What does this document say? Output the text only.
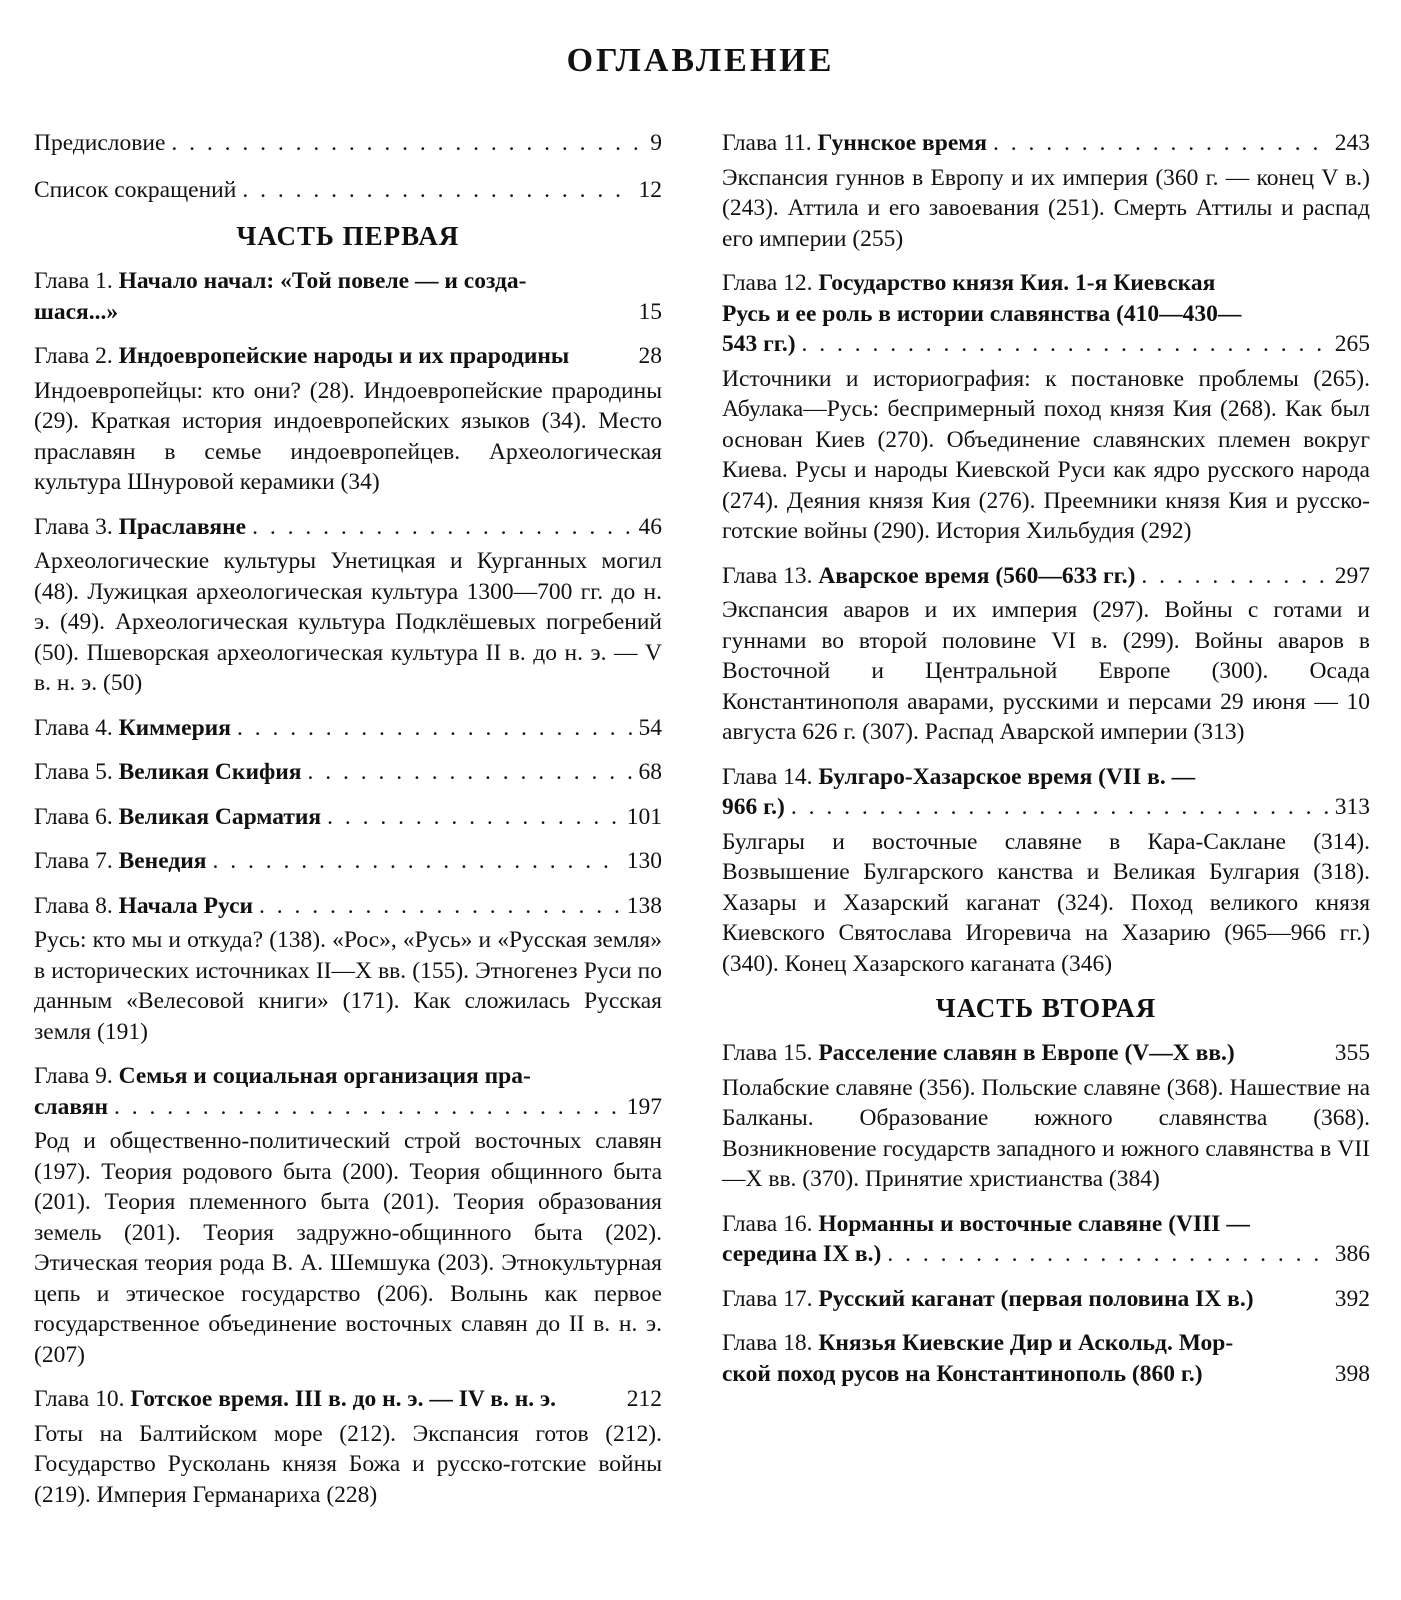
ОГЛАВЛЕНИЕ
Предисловие . . .	9
Список сокращений . . .	12
ЧАСТЬ ПЕРВАЯ
Глава 1. Начало начал: «Той повеле — и созда-
шася...»	15
Глава 2. Индоевропейские народы и их прародины	28
Индоевропейцы: кто они? (28). Индоевропейские прародины (29). Краткая история индоевропейских языков (34). Место праславян в семье индоевропейцев. Археологическая культура Шнуровой керамики (34)
Глава 3. Праславяне . . .	46
Археологические культуры Унетицкая и Курганных могил (48). Лужицкая археологическая культура 1300—700 гг. до н. э. (49). Археологическая культура Подклёшевых погребений (50). Пшеворская археологическая культура II в. до н. э. — V в. н. э. (50)
Глава 4. Киммерия . . .	54
Глава 5. Великая Скифия . . .	68
Глава 6. Великая Сарматия . . .	101
Глава 7. Венедия . . .	130
Глава 8. Начала Руси . . .	138
Русь: кто мы и откуда? (138). «Рос», «Русь» и «Русская земля» в исторических источниках II—X вв. (155). Этногенез Руси по данным «Велесовой книги» (171). Как сложилась Русская земля (191)
Глава 9. Семья и социальная организация пра-
славян . . .	197
Род и общественно-политический строй восточных славян (197). Теория родового быта (200). Теория общинного быта (201). Теория племенного быта (201). Теория образования земель (201). Теория задружно-общинного быта (202). Этическая теория рода В. А. Шемшука (203). Этнокультурная цепь и этическое государство (206). Волынь как первое государственное объединение восточных славян до II в. н. э. (207)
Глава 10. Готское время. III в. до н. э. — IV в. н. э.	212
Готы на Балтийском море (212). Экспансия готов (212). Государство Русколань князя Божа и русско-готские войны (219). Империя Германариха (228)
Глава 11. Гуннское время . . .	243
Экспансия гуннов в Европу и их империя (360 г. — конец V в.) (243). Аттила и его завоевания (251). Смерть Аттилы и распад его империи (255)
Глава 12. Государство князя Кия. 1-я Киевская
Русь и ее роль в истории славянства (410—430—
543 гг.) . . .	265
Источники и историография: к постановке проблемы (265). Абулака—Русь: беспримерный поход князя Кия (268). Как был основан Киев (270). Объединение славянских племен вокруг Киева. Русы и народы Киевской Руси как ядро русского народа (274). Деяния князя Кия (276). Преемники князя Кия и русско-готские войны (290). История Хильбудия (292)
Глава 13. Аварское время (560—633 гг.) . . .	297
Экспансия аваров и их империя (297). Войны с готами и гуннами во второй половине VI в. (299). Войны аваров в Восточной и Центральной Европе (300). Осада Константинополя аварами, русскими и персами 29 июня — 10 августа 626 г. (307). Распад Аварской империи (313)
Глава 14. Булгаро-Хазарское время (VII в. —
966 г.) . . .	313
Булгары и восточные славяне в Кара-Саклане (314). Возвышение Булгарского канства и Великая Булгария (318). Хазары и Хазарский каганат (324). Поход великого князя Киевского Святослава Игоревича на Хазарию (965—966 гг.) (340). Конец Хазарского каганата (346)
ЧАСТЬ ВТОРАЯ
Глава 15. Расселение славян в Европе (V—X вв.)	355
Полабские славяне (356). Польские славяне (368). Нашествие на Балканы. Образование южного славянства (368). Возникновение государств западного и южного славянства в VII—X вв. (370). Принятие христианства (384)
Глава 16. Норманны и восточные славяне (VIII —
середина IX в.) . . .	386
Глава 17. Русский каганат (первая половина IX в.)	392
Глава 18. Князья Киевские Дир и Аскольд. Мор-
ской поход русов на Константинополь (860 г.)	398
